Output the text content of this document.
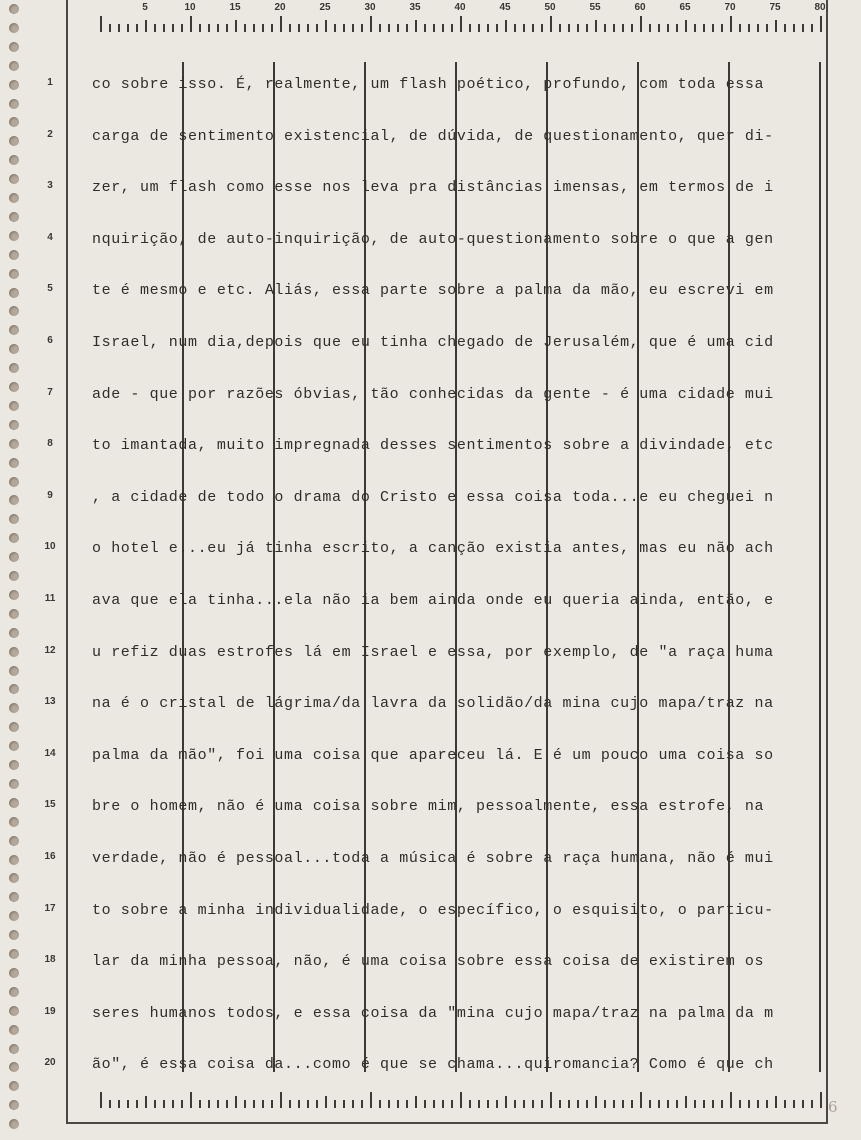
5	10	15	20	25	30	35	40	45	50	55	60	65	70	75	80
1
2
3
4
5
6
7
8
9
10
11
12
13
14
15
16
17
18
19
20
co sobre isso. É, realmente, um flash poético, profundo, com toda essa
carga de sentimento existencial, de dúvida, de questionamento, quer di-
zer, um flash como esse nos leva pra distâncias imensas, em termos de i
nquirição, de auto-inquirição, de auto-questionamento sobre o que a gen
te é mesmo e etc. Aliás, essa parte sobre a palma da mão, eu escrevi em
Israel, num dia,depois que eu tinha chegado de Jerusalém, que é uma cid
ade - que por razões óbvias, tão conhecidas da gente - é uma cidade mui
to imantada, muito impregnada desses sentimentos sobre a divindade, etc
, a cidade de todo o drama do Cristo e essa coisa toda...e eu cheguei n
o hotel e...eu já tinha escrito, a canção existia antes, mas eu não ach
ava que ela tinha...ela não ia bem ainda onde eu queria ainda, então, e
u refiz duas estrofes lá em Israel e essa, por exemplo, de "a raça huma
na é o cristal de lágrima/da lavra da solidão/da mina cujo mapa/traz na
palma da mão", foi uma coisa que apareceu lá. E é um pouco uma coisa so
bre o homem, não é uma coisa sobre mim, pessoalmente, essa estrofe, na
verdade, não é pessoal...toda a música é sobre a raça humana, não é mui
to sobre a minha individualidade, o específico, o esquisito, o particu-
lar da minha pessoa, não, é uma coisa sobre essa coisa de existirem os
seres humanos todos, e essa coisa da "mina cujo mapa/traz na palma da m
ão", é essa coisa da...como é que se chama...quiromancia? Como é que ch
6
